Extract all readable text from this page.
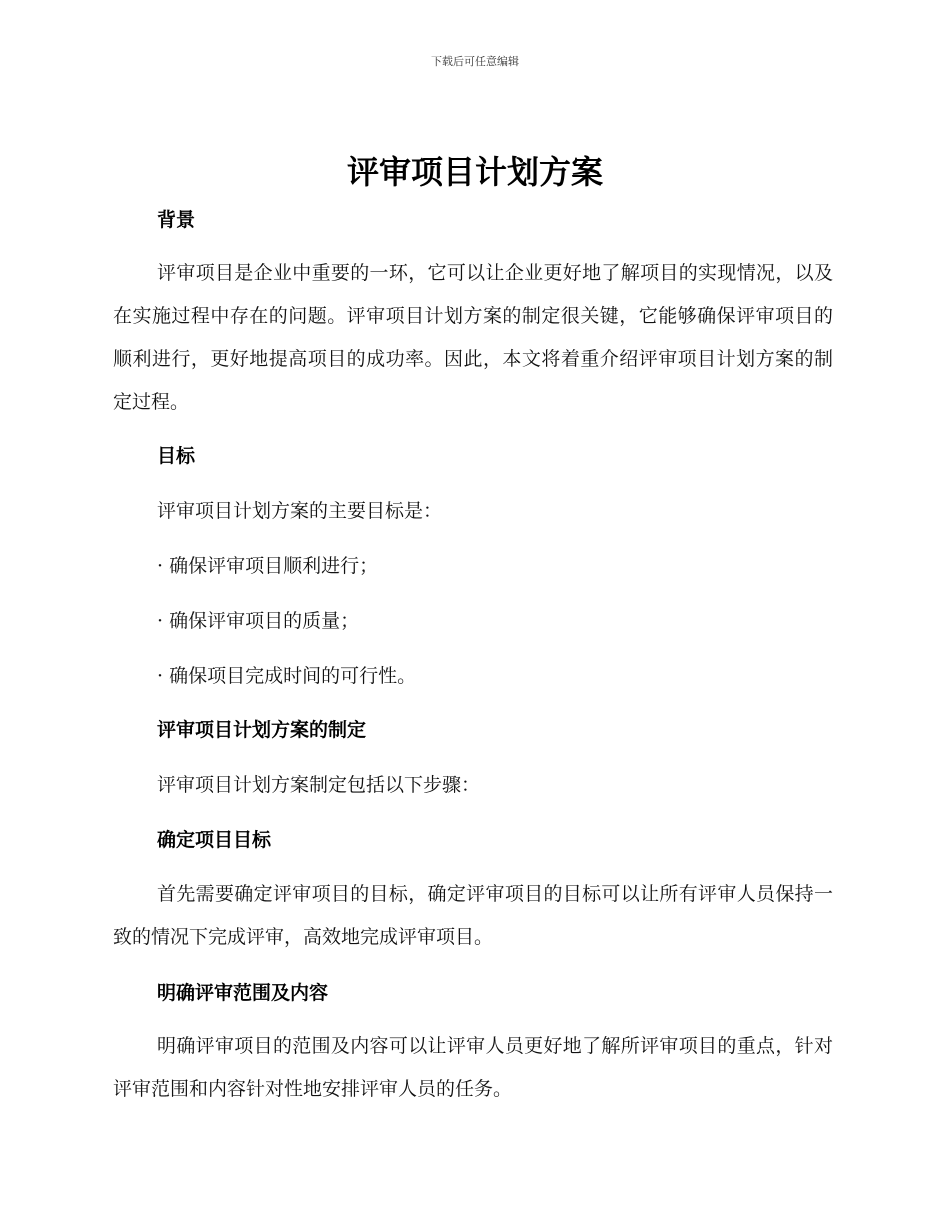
下载后可任意编辑
评审项目计划方案
背景

评审项目是企业中重要的一环，它可以让企业更好地了解项目的实现情况，以及在实施过程中存在的问题。评审项目计划方案的制定很关键，它能够确保评审项目的顺利进行，更好地提高项目的成功率。因此，本文将着重介绍评审项目计划方案的制定过程。

目标
评审项目计划方案的主要目标是：
· 确保评审项目顺利进行；
· 确保评审项目的质量；
· 确保项目完成时间的可行性。
评审项目计划方案的制定
评审项目计划方案制定包括以下步骤：
确定项目目标

首先需要确定评审项目的目标，确定评审项目的目标可以让所有评审人员保持一致的情况下完成评审，高效地完成评审项目。

明确评审范围及内容

明确评审项目的范围及内容可以让评审人员更好地了解所评审项目的重点，针对评审范围和内容针对性地安排评审人员的任务。
